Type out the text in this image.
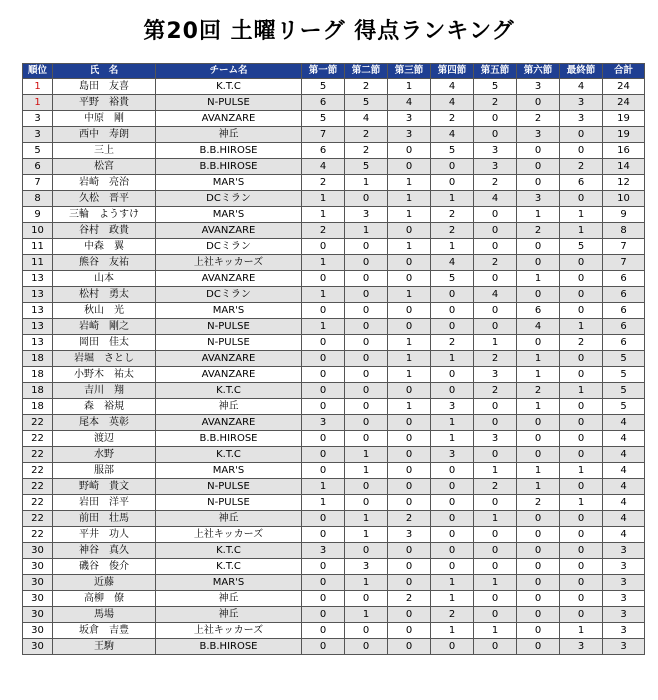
第20回 土曜リーグ 得点ランキング
順位	氏　名	チーム名	第一節	第二節	第三節	第四節	第五節	第六節	最終節	合計
1	島田　友喜	K.T.C	5	2	1	4	5	3	4	24
1	平野　裕貴	N-PULSE	6	5	4	4	2	0	3	24
3	中原　剛	AVANZARE	5	4	3	2	0	2	3	19
3	西中　寿朗	神丘	7	2	3	4	0	3	0	19
5	三上	B.B.HIROSE	6	2	0	5	3	0	0	16
6	松宮	B.B.HIROSE	4	5	0	0	3	0	2	14
7	岩崎　亮治	MAR'S	2	1	1	0	2	0	6	12
8	久松　晋平	DCミラン	1	0	1	1	4	3	0	10
9	三輪　ようすけ	MAR'S	1	3	1	2	0	1	1	9
10	谷村　政貴	AVANZARE	2	1	0	2	0	2	1	8
11	中森　翼	DCミラン	0	0	1	1	0	0	5	7
11	熊谷　友祐	上社キッカーズ	1	0	0	4	2	0	0	7
13	山本	AVANZARE	0	0	0	5	0	1	0	6
13	松村　勇太	DCミラン	1	0	1	0	4	0	0	6
13	秋山　光	MAR'S	0	0	0	0	0	6	0	6
13	岩崎　剛之	N-PULSE	1	0	0	0	0	4	1	6
13	岡田　佳太	N-PULSE	0	0	1	2	1	0	2	6
18	岩堀　さとし	AVANZARE	0	0	1	1	2	1	0	5
18	小野木　祐太	AVANZARE	0	0	1	0	3	1	0	5
18	吉川　翔	K.T.C	0	0	0	0	2	2	1	5
18	森　裕規	神丘	0	0	1	3	0	1	0	5
22	尾本　英彰	AVANZARE	3	0	0	1	0	0	0	4
22	渡辺	B.B.HIROSE	0	0	0	1	3	0	0	4
22	水野	K.T.C	0	1	0	3	0	0	0	4
22	服部	MAR'S	0	1	0	0	1	1	1	4
22	野崎　貴文	N-PULSE	1	0	0	0	2	1	0	4
22	岩田　洋平	N-PULSE	1	0	0	0	0	2	1	4
22	前田　壮馬	神丘	0	1	2	0	1	0	0	4
22	平井　功人	上社キッカーズ	0	1	3	0	0	0	0	4
30	神谷　真久	K.T.C	3	0	0	0	0	0	0	3
30	磯谷　俊介	K.T.C	0	3	0	0	0	0	0	3
30	近藤	MAR'S	0	1	0	1	1	0	0	3
30	高柳　僚	神丘	0	0	2	1	0	0	0	3
30	馬場	神丘	0	1	0	2	0	0	0	3
30	坂倉　吉豊	上社キッカーズ	0	0	0	1	1	0	1	3
30	王駒	B.B.HIROSE	0	0	0	0	0	0	3	3
